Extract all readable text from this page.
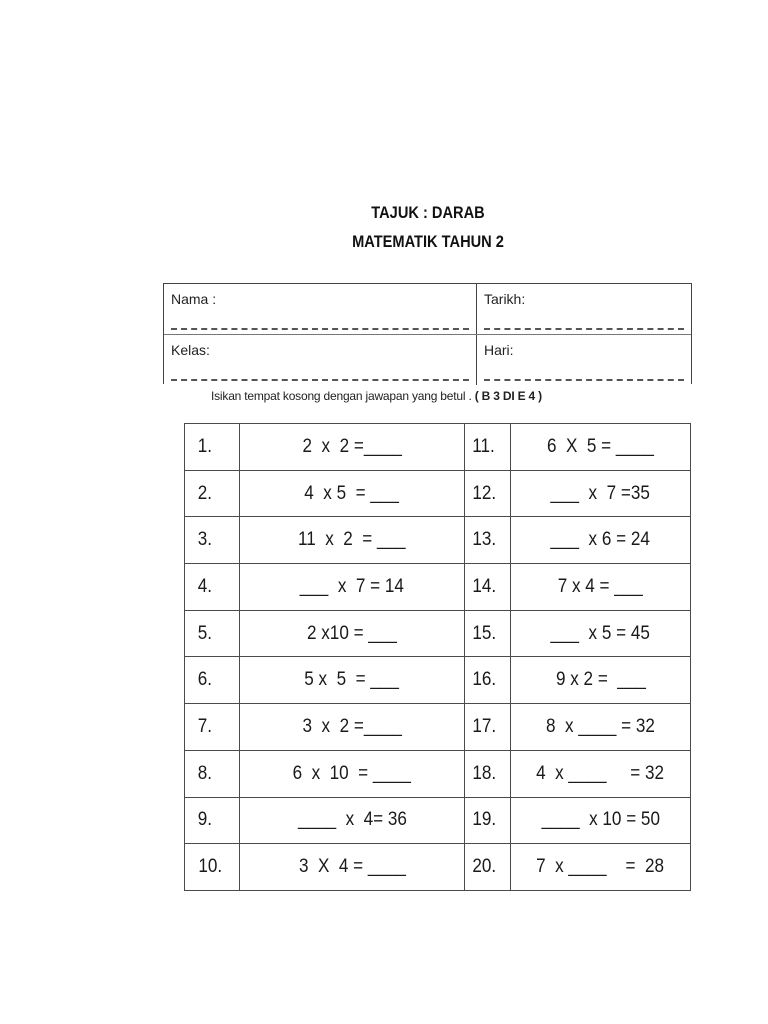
TAJUK : DARAB
MATEMATIK TAHUN 2
Nama :	Tarikh:
Kelas:	Hari:
Isikan tempat kosong dengan jawapan yang betul . ( B 3 DI E 4 )
1.	2  x  2 =____	11.	6  X  5 = ____
2.	4  x 5  = ___	12.	___  x  7 =35
3.	11  x  2  = ___	13.	___  x 6 = 24
4.	___  x  7 = 14	14.	7 x 4 = ___
5.	2 x10 = ___	15.	___  x 5 = 45
6.	5 x  5  = ___	16.	9 x 2 =  ___
7.	3  x  2 =____	17.	8  x ____ = 32
8.	6  x  10  = ____	18.	4  x ____     = 32
9.	____  x  4= 36	19.	____  x 10 = 50
10.	3  X  4 = ____	20.	7  x ____    =  28
